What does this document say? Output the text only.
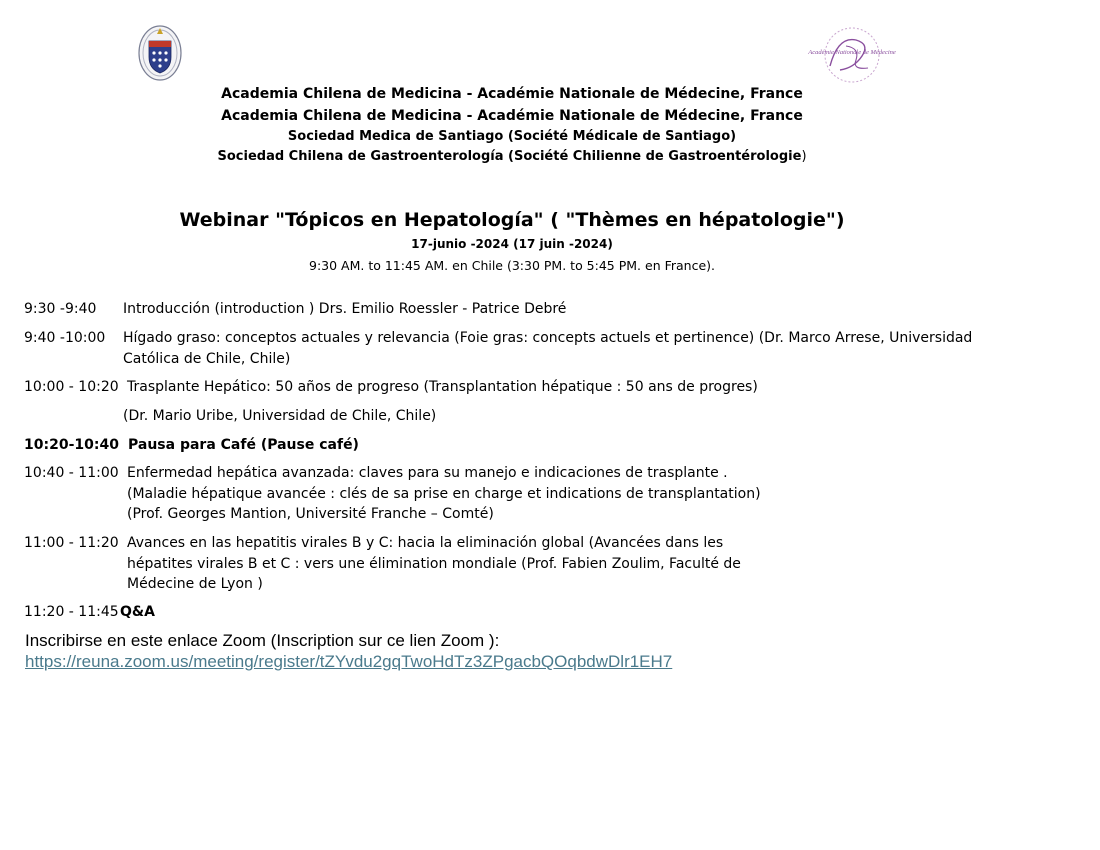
Académie Nationale de Médecine
Academia Chilena de Medicina - Académie Nationale de Médecine, France
Academia Chilena de Medicina - Académie Nationale de Médecine, France
Sociedad Medica de Santiago (Société Médicale de Santiago)
Sociedad Chilena de Gastroenterología (Société Chilienne de Gastroentérologie)
Webinar "Tópicos en Hepatología" ( "Thèmes en hépatologie")
17-junio -2024 (17 juin -2024)
9:30 AM. to 11:45 AM. en Chile (3:30 PM. to 5:45 PM. en France).
9:30 -9:40 Introducción (introduction ) Drs. Emilio Roessler - Patrice Debré
9:40 -10:00 Hígado graso: conceptos actuales y relevancia (Foie gras: concepts actuels et pertinence) (Dr. Marco Arrese, Universidad
Católica de Chile, Chile)
10:00 - 10:20 Trasplante Hepático: 50 años de progreso (Transplantation hépatique : 50 ans de progres)
(Dr. Mario Uribe, Universidad de Chile, Chile)
10:20-10:40 Pausa para Café (Pause café)
10:40 - 11:00 Enfermedad hepática avanzada: claves para su manejo e indicaciones de trasplante .
(Maladie hépatique avancée : clés de sa prise en charge et indications de transplantation)
(Prof. Georges Mantion, Université Franche – Comté)
11:00 - 11:20 Avances en las hepatitis virales B y C: hacia la eliminación global (Avancées dans les
hépatites virales B et C : vers une élimination mondiale (Prof. Fabien Zoulim, Faculté de
Médecine de Lyon )
11:20 - 11:45 Q&A
Inscribirse en este enlace Zoom (Inscription sur ce lien Zoom ):
https://reuna.zoom.us/meeting/register/tZYvdu2gqTwoHdTz3ZPgacbQOqbdwDlr1EH7
